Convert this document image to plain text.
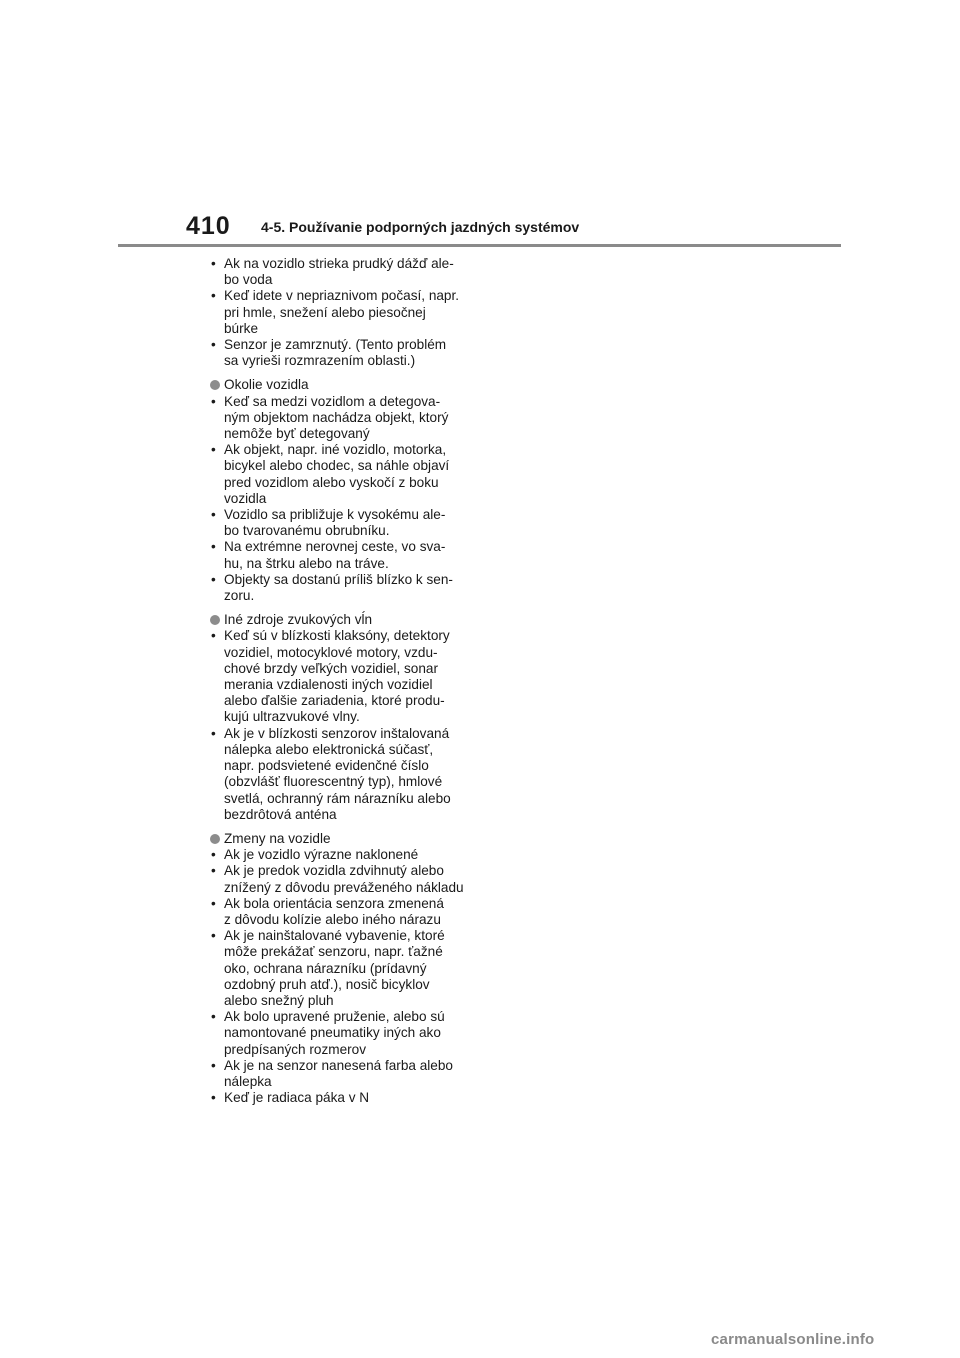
410 4-5. Používanie podporných jazdných systémov
• Ak na vozidlo strieka prudký dážď ale-
bo voda
• Keď idete v nepriaznivom počasí, napr.
pri hmle, snežení alebo piesočnej
búrke
• Senzor je zamrznutý. (Tento problém
sa vyrieši rozmrazením oblasti.)
Okolie vozidla
• Keď sa medzi vozidlom a detegova-
ným objektom nachádza objekt, ktorý
nemôže byť detegovaný
• Ak objekt, napr. iné vozidlo, motorka,
bicykel alebo chodec, sa náhle objaví
pred vozidlom alebo vyskočí z boku
vozidla
• Vozidlo sa približuje k vysokému ale-
bo tvarovanému obrubníku.
• Na extrémne nerovnej ceste, vo sva-
hu, na štrku alebo na tráve.
• Objekty sa dostanú príliš blízko k sen-
zoru.
Iné zdroje zvukových vĺn
• Keď sú v blízkosti klaksóny, detektory
vozidiel, motocyklové motory, vzdu-
chové brzdy veľkých vozidiel, sonar
merania vzdialenosti iných vozidiel
alebo ďalšie zariadenia, ktoré produ-
kujú ultrazvukové vlny.
• Ak je v blízkosti senzorov inštalovaná
nálepka alebo elektronická súčasť,
napr. podsvietené evidenčné číslo
(obzvlášť fluorescentný typ), hmlové
svetlá, ochranný rám nárazníku alebo
bezdrôtová anténa
Zmeny na vozidle
• Ak je vozidlo výrazne naklonené
• Ak je predok vozidla zdvihnutý alebo
znížený z dôvodu preváženého nákladu
• Ak bola orientácia senzora zmenená
z dôvodu kolízie alebo iného nárazu
• Ak je nainštalované vybavenie, ktoré
môže prekážať senzoru, napr. ťažné
oko, ochrana nárazníku (prídavný
ozdobný pruh atď.), nosič bicyklov
alebo snežný pluh
• Ak bolo upravené pruženie, alebo sú
namontované pneumatiky iných ako
predpísaných rozmerov
• Ak je na senzor nanesená farba alebo
nálepka
• Keď je radiaca páka v N
carmanualsonline.info
